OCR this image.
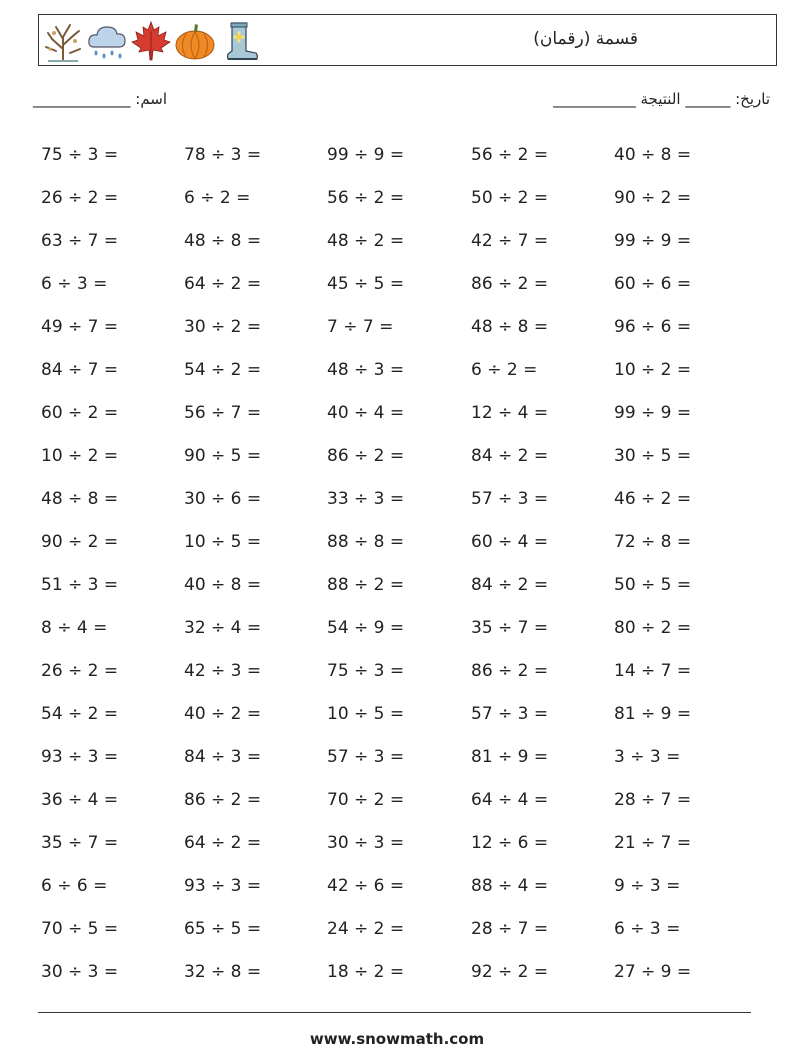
قسمة (رقمان)
تاريخ: ______ النتيجة ___________
اسم: _____________
75 ÷ 3 =	78 ÷ 3 =	99 ÷ 9 =	56 ÷ 2 =	40 ÷ 8 =
26 ÷ 2 =	6 ÷ 2 =	56 ÷ 2 =	50 ÷ 2 =	90 ÷ 2 =
63 ÷ 7 =	48 ÷ 8 =	48 ÷ 2 =	42 ÷ 7 =	99 ÷ 9 =
6 ÷ 3 =	64 ÷ 2 =	45 ÷ 5 =	86 ÷ 2 =	60 ÷ 6 =
49 ÷ 7 =	30 ÷ 2 =	7 ÷ 7 =	48 ÷ 8 =	96 ÷ 6 =
84 ÷ 7 =	54 ÷ 2 =	48 ÷ 3 =	6 ÷ 2 =	10 ÷ 2 =
60 ÷ 2 =	56 ÷ 7 =	40 ÷ 4 =	12 ÷ 4 =	99 ÷ 9 =
10 ÷ 2 =	90 ÷ 5 =	86 ÷ 2 =	84 ÷ 2 =	30 ÷ 5 =
48 ÷ 8 =	30 ÷ 6 =	33 ÷ 3 =	57 ÷ 3 =	46 ÷ 2 =
90 ÷ 2 =	10 ÷ 5 =	88 ÷ 8 =	60 ÷ 4 =	72 ÷ 8 =
51 ÷ 3 =	40 ÷ 8 =	88 ÷ 2 =	84 ÷ 2 =	50 ÷ 5 =
8 ÷ 4 =	32 ÷ 4 =	54 ÷ 9 =	35 ÷ 7 =	80 ÷ 2 =
26 ÷ 2 =	42 ÷ 3 =	75 ÷ 3 =	86 ÷ 2 =	14 ÷ 7 =
54 ÷ 2 =	40 ÷ 2 =	10 ÷ 5 =	57 ÷ 3 =	81 ÷ 9 =
93 ÷ 3 =	84 ÷ 3 =	57 ÷ 3 =	81 ÷ 9 =	3 ÷ 3 =
36 ÷ 4 =	86 ÷ 2 =	70 ÷ 2 =	64 ÷ 4 =	28 ÷ 7 =
35 ÷ 7 =	64 ÷ 2 =	30 ÷ 3 =	12 ÷ 6 =	21 ÷ 7 =
6 ÷ 6 =	93 ÷ 3 =	42 ÷ 6 =	88 ÷ 4 =	9 ÷ 3 =
70 ÷ 5 =	65 ÷ 5 =	24 ÷ 2 =	28 ÷ 7 =	6 ÷ 3 =
30 ÷ 3 =	32 ÷ 8 =	18 ÷ 2 =	92 ÷ 2 =	27 ÷ 9 =
www.snowmath.com
